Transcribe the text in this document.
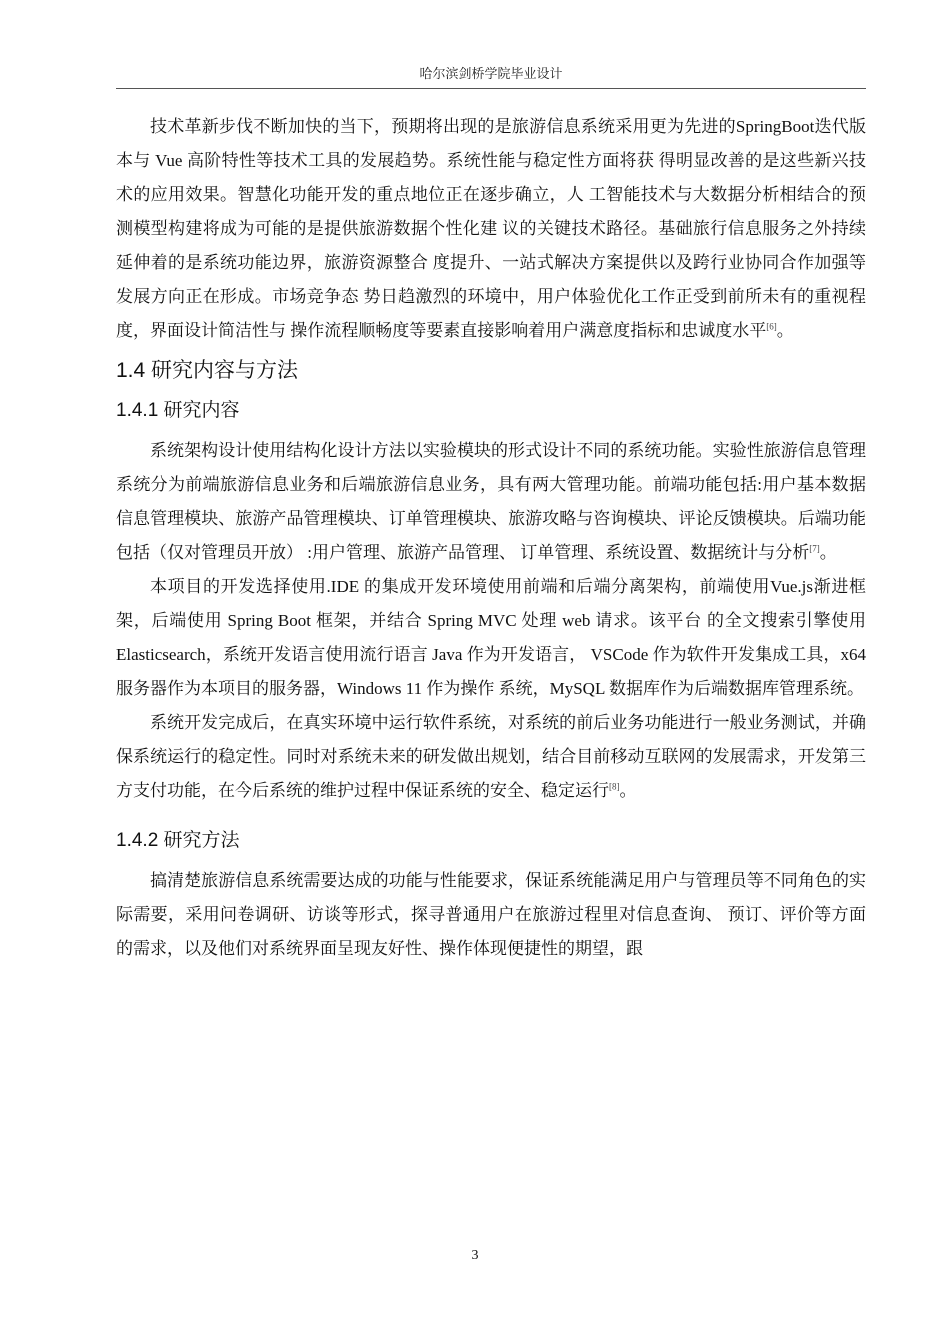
哈尔滨剑桥学院毕业设计

技术革新步伐不断加快的当下，预期将出现的是旅游信息系统采用更为先进的SpringBoot迭代版本与 Vue 高阶特性等技术工具的发展趋势。系统性能与稳定性方面将获 得明显改善的是这些新兴技术的应用效果。智慧化功能开发的重点地位正在逐步确立，人 工智能技术与大数据分析相结合的预测模型构建将成为可能的是提供旅游数据个性化建 议的关键技术路径。基础旅行信息服务之外持续延伸着的是系统功能边界，旅游资源整合 度提升、一站式解决方案提供以及跨行业协同合作加强等发展方向正在形成。市场竞争态 势日趋激烈的环境中，用户体验优化工作正受到前所未有的重视程度，界面设计简洁性与 操作流程顺畅度等要素直接影响着用户满意度指标和忠诚度水平[6]。

1.4 研究内容与方法
1.4.1 研究内容

系统架构设计使用结构化设计方法以实验模块的形式设计不同的系统功能。实验性旅游信息管理系统分为前端旅游信息业务和后端旅游信息业务，具有两大管理功能。前端功能包括:用户基本数据信息管理模块、旅游产品管理模块、订单管理模块、旅游攻略与咨询模块、评论反馈模块。后端功能包括（仅对管理员开放） :用户管理、旅游产品管理、 订单管理、系统设置、数据统计与分析[7]。

本项目的开发选择使用.IDE 的集成开发环境使用前端和后端分离架构，前端使用Vue.js渐进框架，后端使用 Spring Boot 框架，并结合 Spring MVC 处理 web 请求。该平台 的全文搜索引擎使用 Elasticsearch，系统开发语言使用流行语言 Java 作为开发语言， VSCode 作为软件开发集成工具，x64 服务器作为本项目的服务器，Windows 11 作为操作 系统，MySQL 数据库作为后端数据库管理系统。

系统开发完成后，在真实环境中运行软件系统，对系统的前后业务功能进行一般业务测试，并确保系统运行的稳定性。同时对系统未来的研发做出规划，结合目前移动互联网的发展需求，开发第三方支付功能，在今后系统的维护过程中保证系统的安全、稳定运行[8]。

1.4.2 研究方法

搞清楚旅游信息系统需要达成的功能与性能要求，保证系统能满足用户与管理员等不同角色的实际需要，采用问卷调研、访谈等形式，探寻普通用户在旅游过程里对信息查询、 预订、评价等方面的需求，以及他们对系统界面呈现友好性、操作体现便捷性的期望，跟

3
